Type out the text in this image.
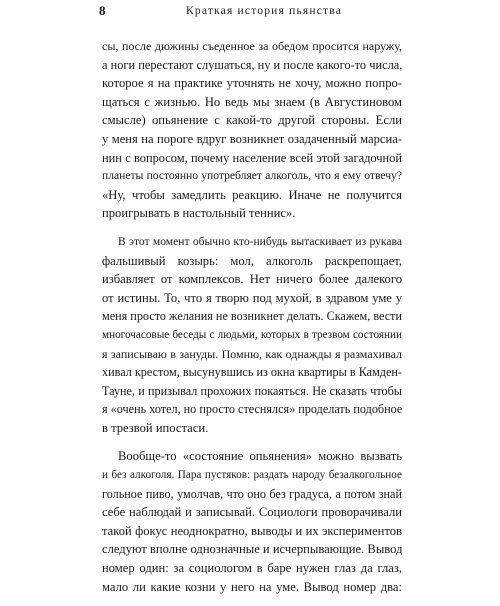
8	Краткая история пьянства
сы, после дюжины съеденное за обедом просится наружу,
а ноги перестают слушаться, ну и после какого-то числа,
которое я на практике уточнять не хочу, можно попро-
щаться с жизнью. Но ведь мы знаем (в Августиновом
смысле) опьянение с какой-то другой стороны. Если
у меня на пороге вдруг возникнет озадаченный марсиа-
нин с вопросом, почему население всей этой загадочной
планеты постоянно употребляет алкоголь, что я ему отвечу?
«Ну, чтобы замедлить реакцию. Иначе не получится
проигрывать в настольный теннис».
В этот момент обычно кто-нибудь вытаскивает из рукава
фальшивый козырь: мол, алкоголь раскрепощает,
избавляет от комплексов. Нет ничего более далекого
от истины. То, что я творю под мухой, в здравом уме у
меня просто желания не возникнет делать. Скажем, вести
многочасовые беседы с людьми, которых в трезвом состоянии
я записываю в зануды. Помню, как однажды я размахивал
хивал крестом, высунувшись из окна квартиры в Камден-
Тауне, и призывал прохожих покаяться. Не сказать чтобы
я «очень хотел, но просто стеснялся» проделать подобное
в трезвой ипостаси.
Вообще-то «состояние опьянения» можно вызвать
и без алкоголя. Пара пустяков: раздать народу безалкогольное
гольное пиво, умолчав, что оно без градуса, а потом знай
себе наблюдай и записывай. Социологи проворачивали
такой фокус неоднократно, выводы и их экспериментов
следуют вполне однозначные и исчерпывающие. Вывод
номер один: за социологом в баре нужен глаз да глаз,
мало ли какие козни у него на уме. Вывод номер два:
